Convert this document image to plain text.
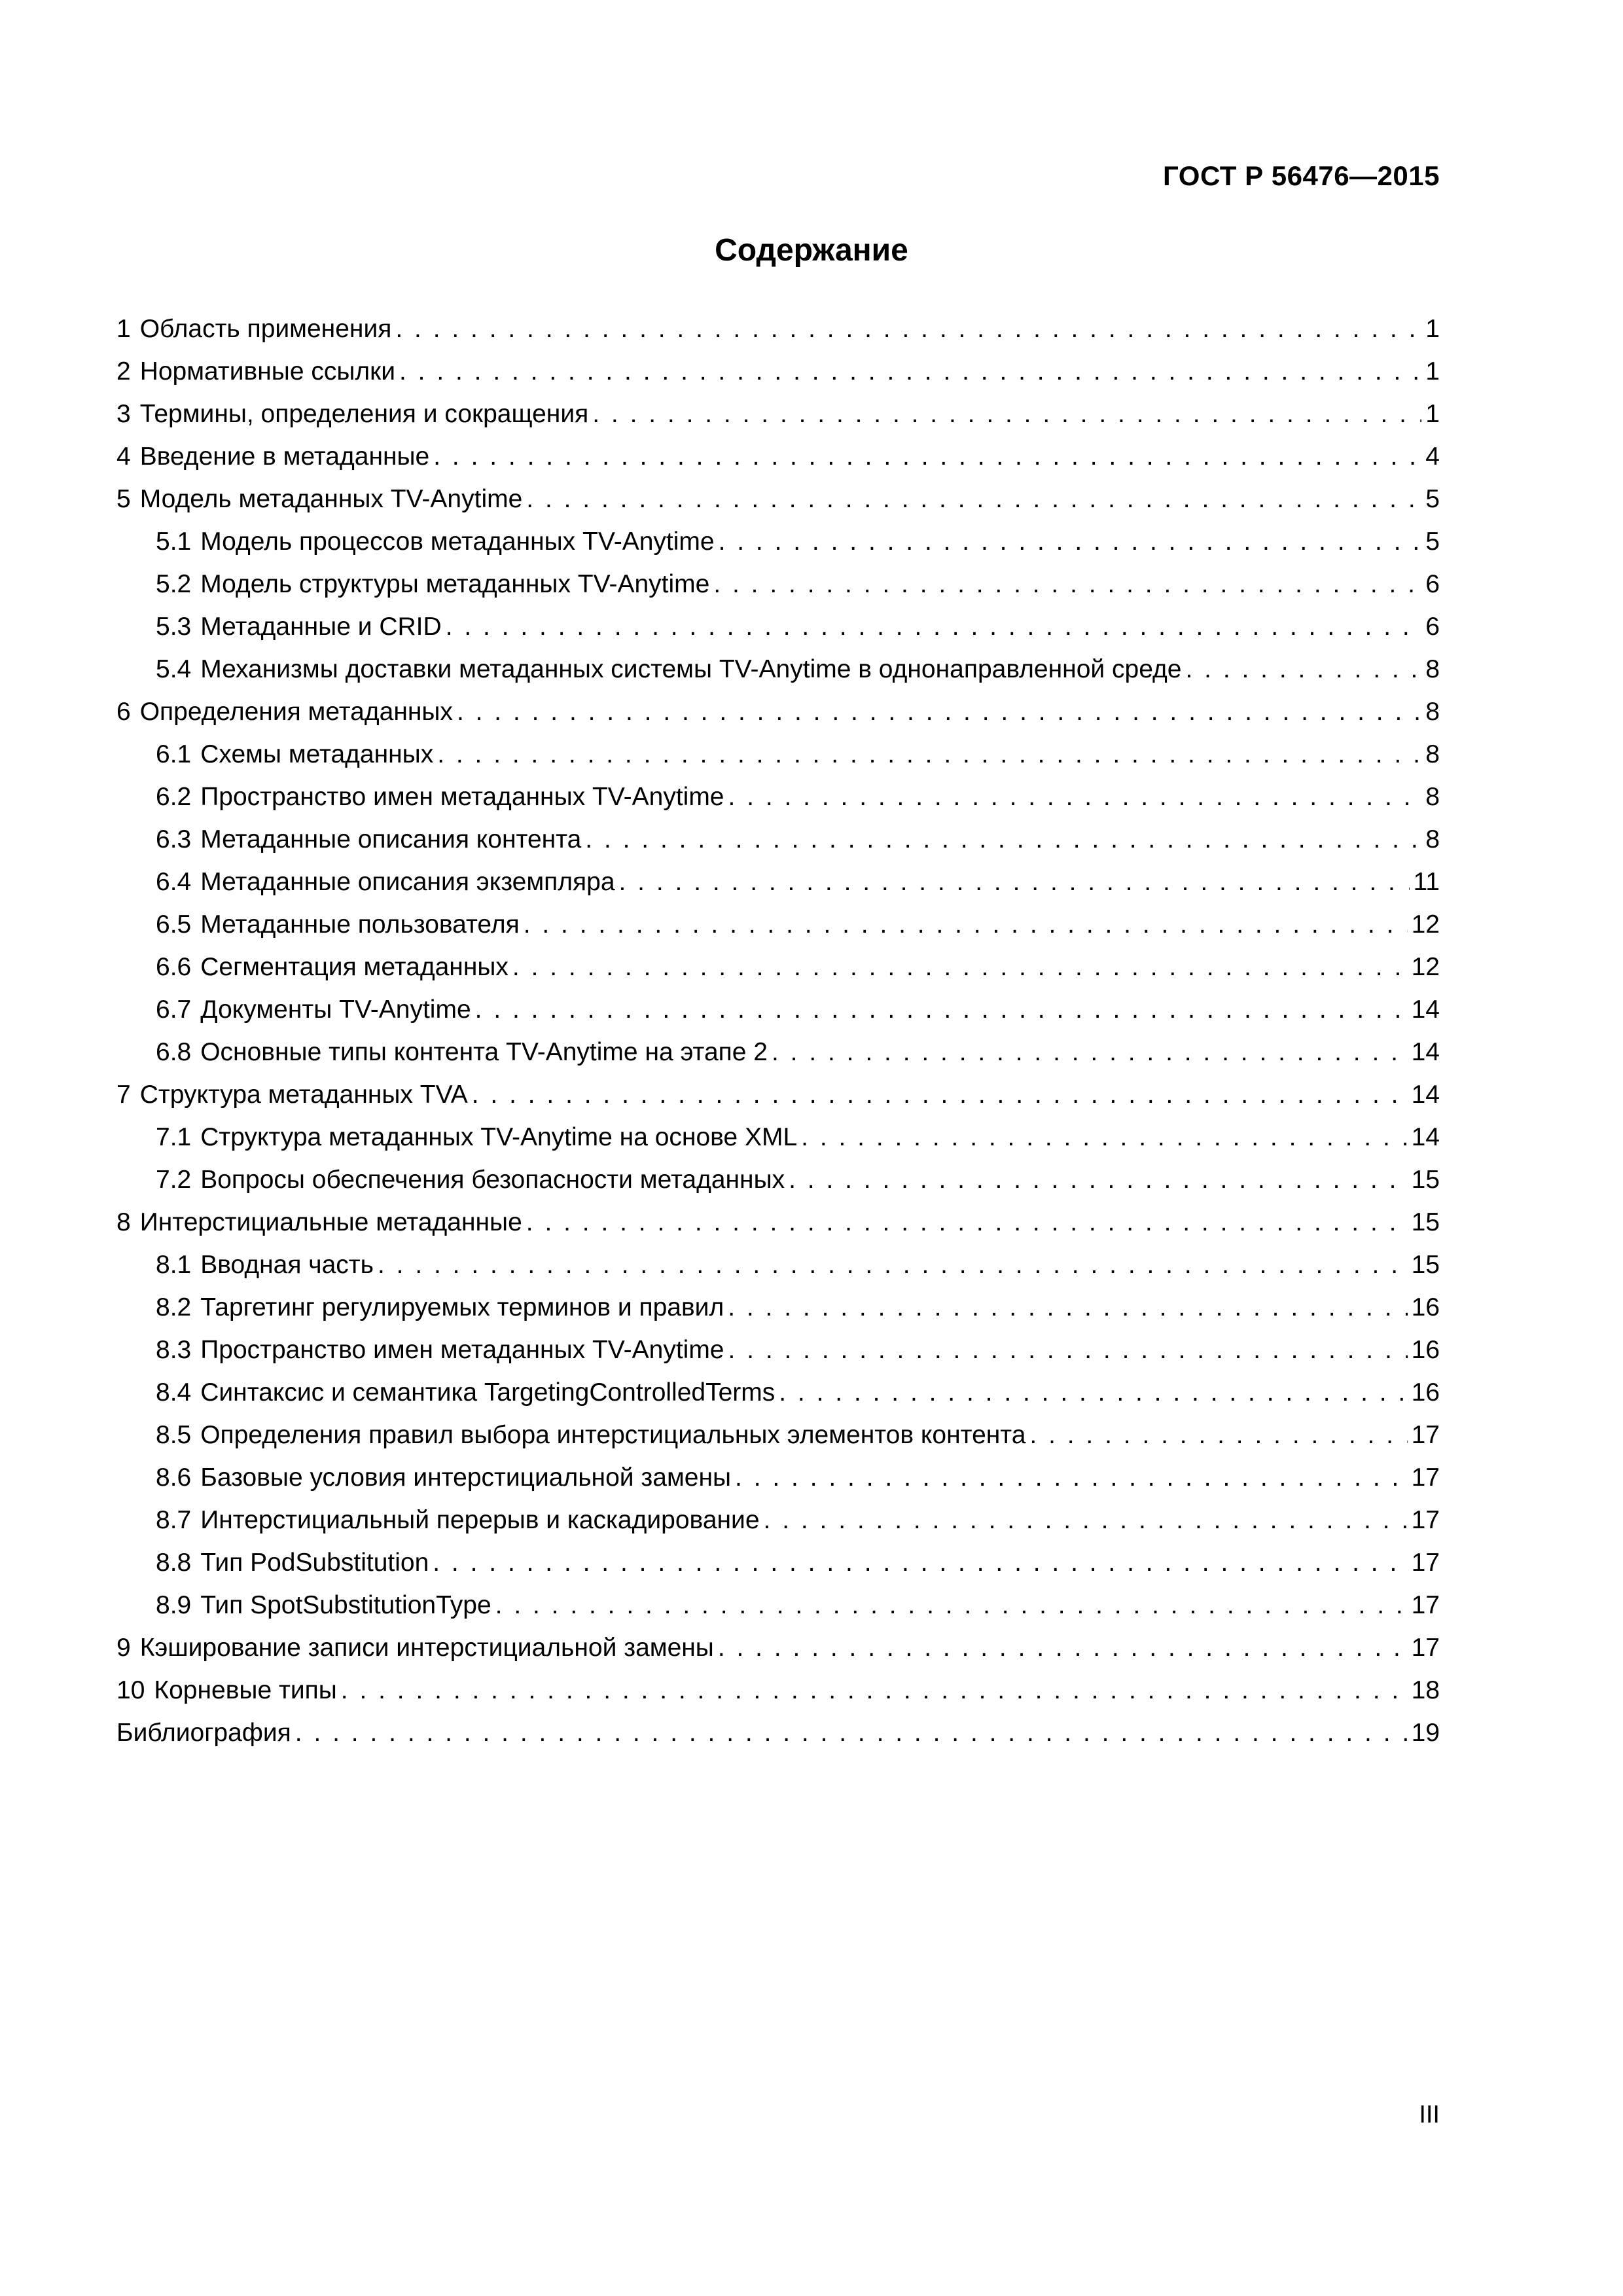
ГОСТ Р 56476—2015
Содержание
1 Область применения . . .	1
2 Нормативные ссылки . . .	1
3 Термины, определения и сокращения . . .	1
4 Введение в метаданные . . .	4
5 Модель метаданных TV-Anytime . . .	5
5.1 Модель процессов метаданных TV-Anytime . . .	5
5.2 Модель структуры метаданных TV-Anytime . . .	6
5.3 Метаданные и CRID . . .	6
5.4 Механизмы доставки метаданных системы TV-Anytime в однонаправленной среде . . .	8
6 Определения метаданных . . .	8
6.1 Схемы метаданных . . .	8
6.2 Пространство имен метаданных TV-Anytime . . .	8
6.3 Метаданные описания контента . . .	8
6.4 Метаданные описания экземпляра . . .	11
6.5 Метаданные пользователя . . .	12
6.6 Сегментация метаданных . . .	12
6.7 Документы TV-Anytime . . .	14
6.8 Основные типы контента TV-Anytime на этапе 2 . . .	14
7 Структура метаданных TVA . . .	14
7.1 Структура метаданных TV-Anytime на основе XML . . .	14
7.2 Вопросы обеспечения безопасности метаданных . . .	15
8 Интерстициальные метаданные . . .	15
8.1 Вводная часть . . .	15
8.2 Таргетинг регулируемых терминов и правил . . .	16
8.3 Пространство имен метаданных TV-Anytime . . .	16
8.4 Синтаксис и семантика TargetingControlledTerms . . .	16
8.5 Определения правил выбора интерстициальных элементов контента . . .	17
8.6 Базовые условия интерстициальной замены . . .	17
8.7 Интерстициальный перерыв и каскадирование . . .	17
8.8 Тип PodSubstitution . . .	17
8.9 Тип SpotSubstitutionType . . .	17
9 Кэширование записи интерстициальной замены . . .	17
10 Корневые типы . . .	18
Библиография . . .	19
III
